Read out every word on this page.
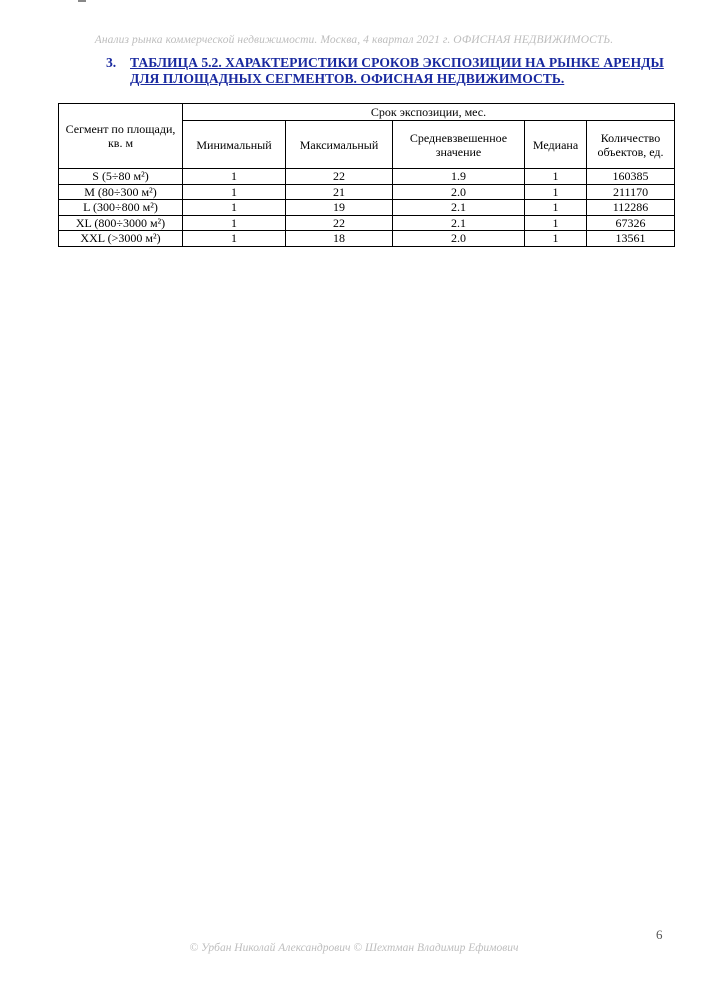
Анализ рынка коммерческой недвижимости. Москва, 4 квартал 2021 г. ОФИСНАЯ НЕДВИЖИМОСТЬ.
3.	ТАБЛИЦА 5.2. ХАРАКТЕРИСТИКИ СРОКОВ ЭКСПОЗИЦИИ НА РЫНКЕ АРЕНДЫ ДЛЯ ПЛОЩАДНЫХ СЕГМЕНТОВ. ОФИСНАЯ НЕДВИЖИМОСТЬ.
Сегмент по площади, кв. м	Срок экспозиции, мес.				
	Минимальный	Максимальный	Средневзвешенное значение	Медиана	Количество объектов, ед.
S (5÷80 м²)	1	22	1.9	1	160385
M (80÷300 м²)	1	21	2.0	1	211170
L (300÷800 м²)	1	19	2.1	1	112286
XL (800÷3000 м²)	1	22	2.1	1	67326
XXL (>3000 м²)	1	18	2.0	1	13561
6
© Урбан Николай Александрович © Шехтман Владимир Ефимович
